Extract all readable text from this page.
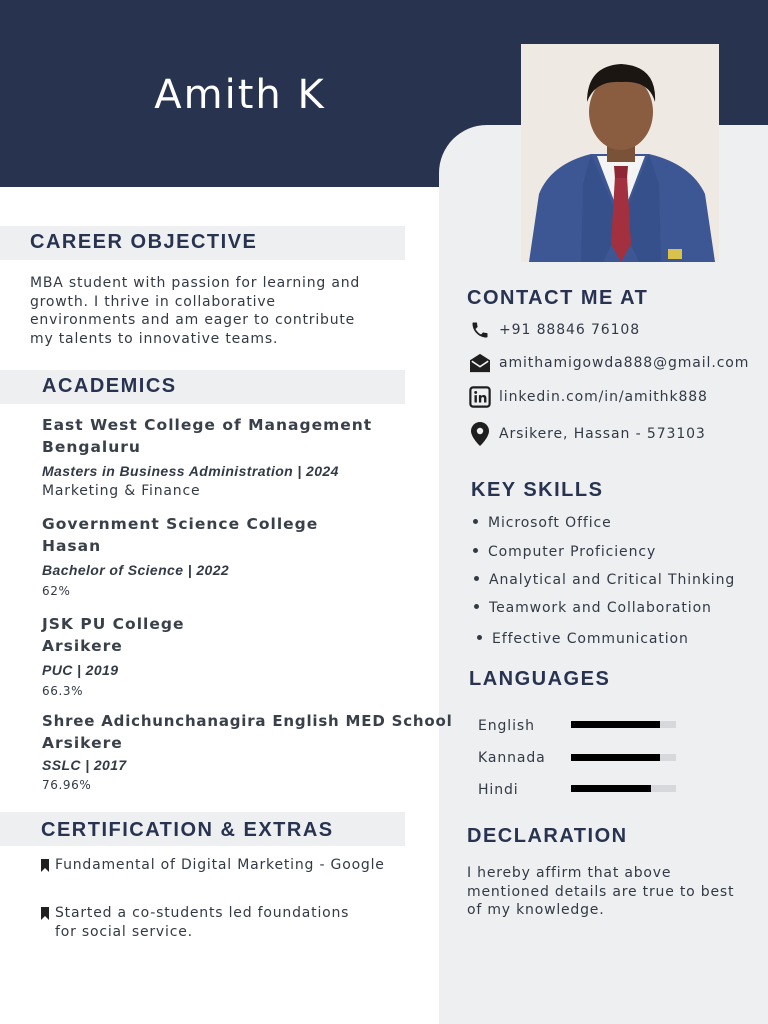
Amith K
CAREER OBJECTIVE
MBA student with passion for learning and growth. I thrive in collaborative environments and am eager to contribute my talents to innovative teams.
ACADEMICS
East West College of Management
Bengaluru
Masters in Business Administration | 2024
Marketing & Finance
Government Science College
Hasan
Bachelor of Science | 2022
62%
JSK PU College
Arsikere
PUC | 2019
66.3%
Shree Adichunchanagira English MED School
Arsikere
SSLC | 2017
76.96%
CERTIFICATION & EXTRAS
Fundamental of Digital Marketing - Google
Started a co-students led foundations for social service.
CONTACT ME AT
+91 88846 76108
amithamigowda888@gmail.com
linkedin.com/in/amithk888
Arsikere, Hassan - 573103
KEY SKILLS
Microsoft Office
Computer Proficiency
Analytical and Critical Thinking
Teamwork and Collaboration
Effective Communication
LANGUAGES
English
Kannada
Hindi
DECLARATION
I hereby affirm that above mentioned details are true to best of my knowledge.
